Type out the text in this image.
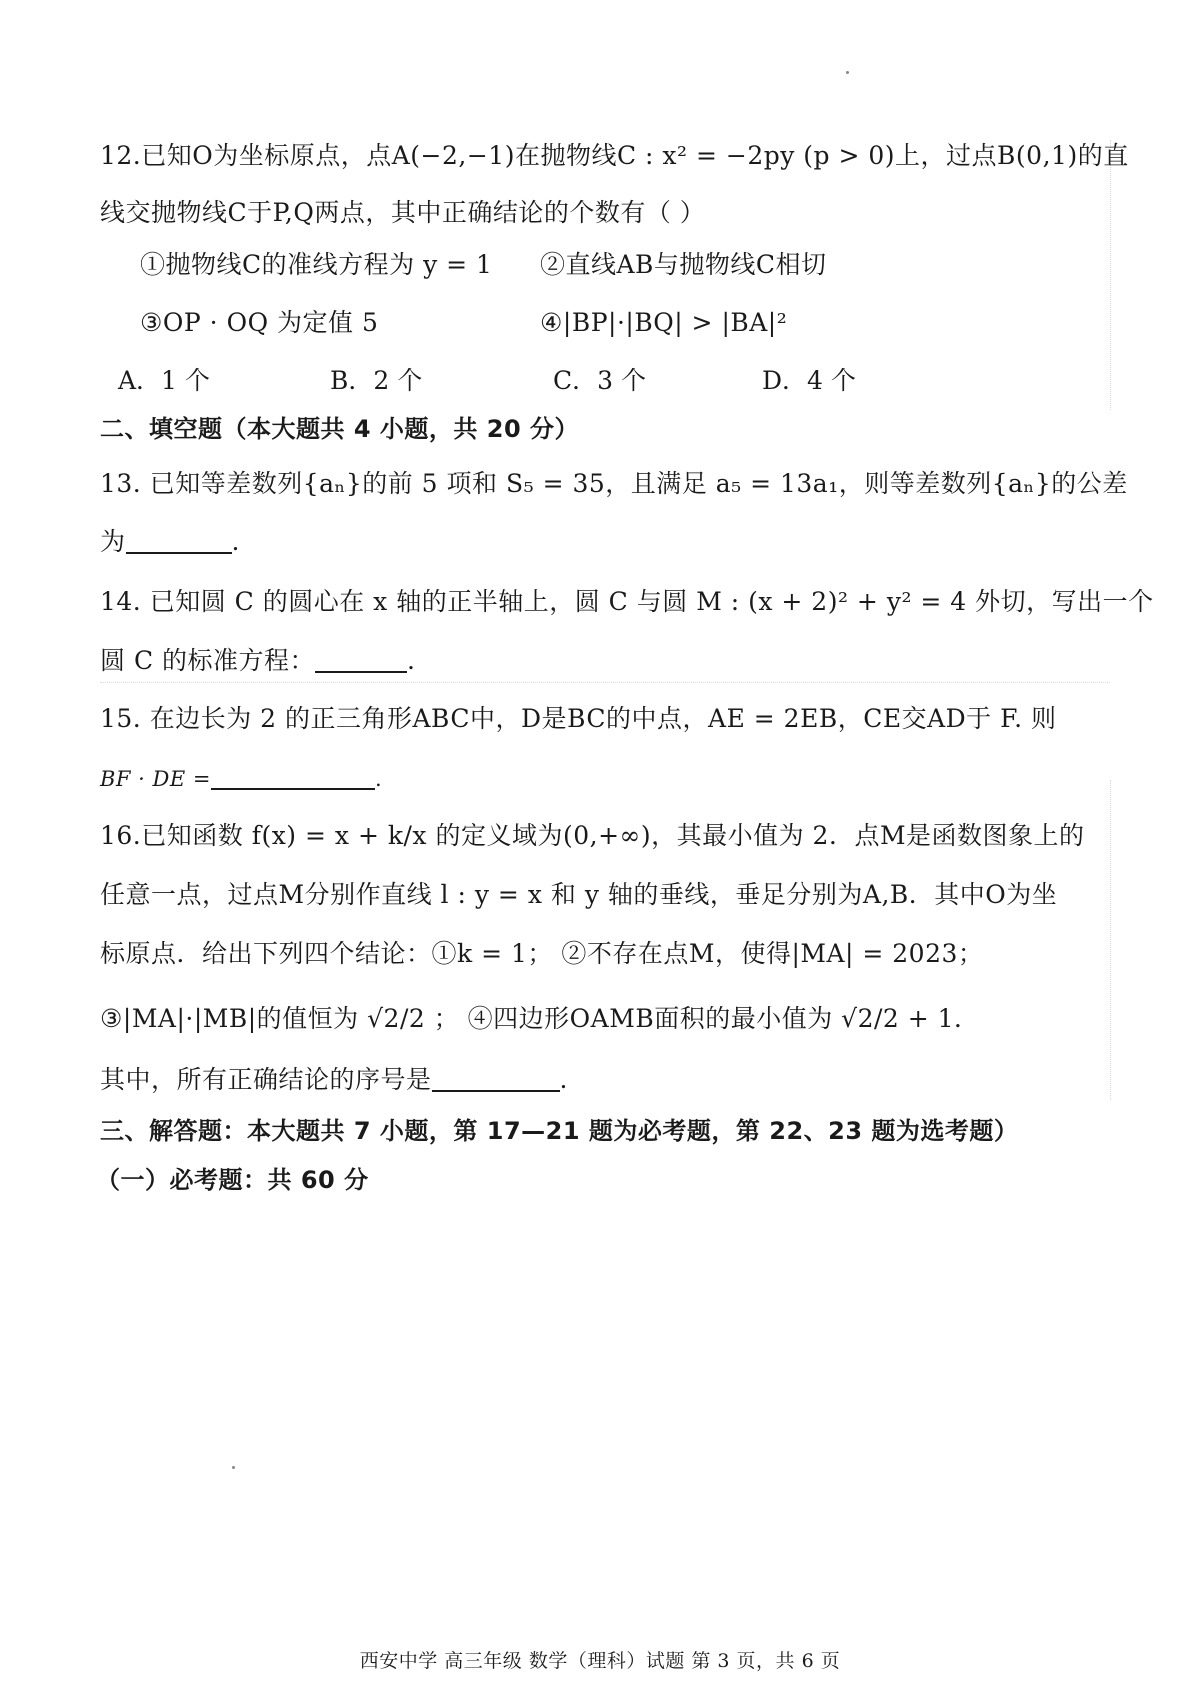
12.已知O为坐标原点，点A(−2,−1)在抛物线C : x² = −2py (p > 0)上，过点B(0,1)的直
线交抛物线C于P,Q两点，其中正确结论的个数有（ ）
①抛物线C的准线方程为 y = 1 ②直线AB与抛物线C相切
③OP · OQ 为定值 5	④|BP|·|BQ| > |BA|²
A．1 个	B．2 个	C．3 个	D．4 个
二、填空题（本大题共 4 小题，共 20 分）
13. 已知等差数列{aₙ}的前 5 项和 S₅ = 35，且满足 a₅ = 13a₁，则等差数列{aₙ}的公差
为	.
14. 已知圆 C 的圆心在 x 轴的正半轴上，圆 C 与圆 M : (x + 2)² + y² = 4 外切，写出一个
圆 C 的标准方程：	.
15. 在边长为 2 的正三角形ABC中，D是BC的中点，AE = 2EB，CE交AD于 F. 则
BF · DE =	.
16.已知函数 f(x) = x + k/x 的定义域为(0,+∞)，其最小值为 2．点M是函数图象上的
任意一点，过点M分别作直线 l : y = x 和 y 轴的垂线，垂足分别为A,B．其中O为坐
标原点．给出下列四个结论：①k = 1； ②不存在点M，使得|MA| = 2023；
③|MA|·|MB|的值恒为 √2/2 ； ④四边形OAMB面积的最小值为 √2/2 + 1．
其中，所有正确结论的序号是	.
三、解答题：本大题共 7 小题，第 17—21 题为必考题，第 22、23 题为选考题）
（一）必考题：共 60 分
西安中学 高三年级 数学（理科）试题 第 3 页，共 6 页
